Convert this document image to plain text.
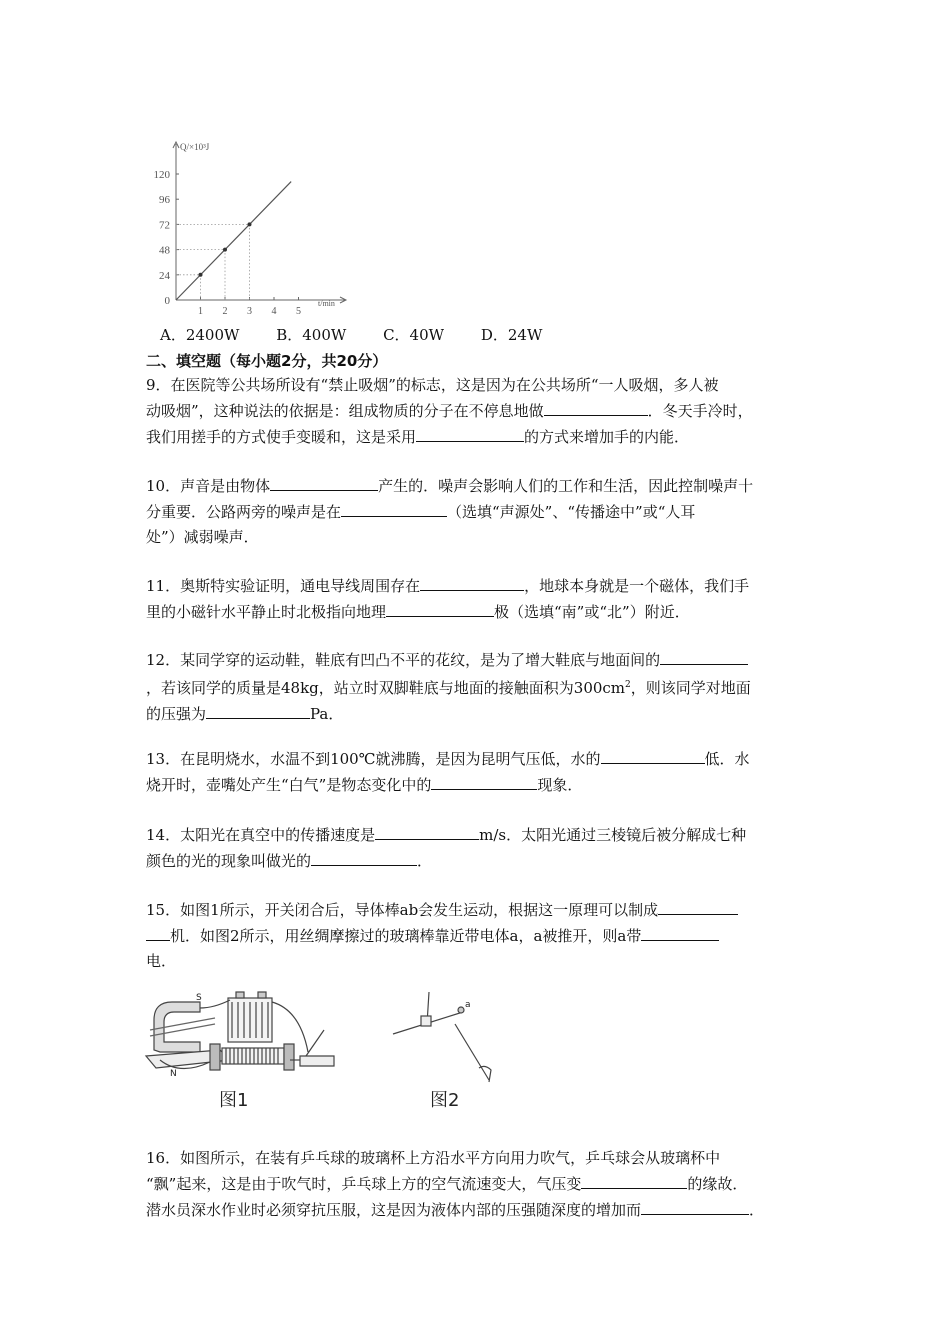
120
96
72
48
24
0
1 2 3 4 5
Q/×10³J
t/min
A．2400W B．400W C．40W D．24W
二、填空题（每小题2分，共20分）

9．在医院等公共场所设有“禁止吸烟”的标志，这是因为在公共场所“一人吸烟，多人被

动吸烟”，这种说法的依据是：组成物质的分子在不停息地做	．冬天手冷时，

我们用搓手的方式使手变暖和，这是采用	的方式来增加手的内能．

10．声音是由物体	产生的．噪声会影响人们的工作和生活，因此控制噪声十

分重要．公路两旁的噪声是在	（选填“声源处”、“传播途中”或“人耳

处”）减弱噪声．

11．奥斯特实验证明，通电导线周围存在	，地球本身就是一个磁体，我们手

里的小磁针水平静止时北极指向地理	极（选填“南”或“北”）附近．

12．某同学穿的运动鞋，鞋底有凹凸不平的花纹，是为了增大鞋底与地面间的

，若该同学的质量是48kg，站立时双脚鞋底与地面的接触面积为$300cm^2$，则该同学对地面

的压强为	Pa．

13．在昆明烧水，水温不到100℃就沸腾，是因为昆明气压低，水的	低．水

烧开时，壶嘴处产生“白气”是物态变化中的	现象．

14．太阳光在真空中的传播速度是	m/s．太阳光通过三棱镜后被分解成七种

颜色的光的现象叫做光的	．

15．如图1所示，开关闭合后，导体棒ab会发生运动，根据这一原理可以制成

机．如图2所示，用丝绸摩擦过的玻璃棒靠近带电体a，a被推开，则a带

电．

S
N
a
图1	图2

16．如图所示，在装有乒乓球的玻璃杯上方沿水平方向用力吹气，乒乓球会从玻璃杯中

“飘”起来，这是由于吹气时，乒乓球上方的空气流速变大，气压变	的缘故．

潜水员深水作业时必须穿抗压服，这是因为液体内部的压强随深度的增加而	．
